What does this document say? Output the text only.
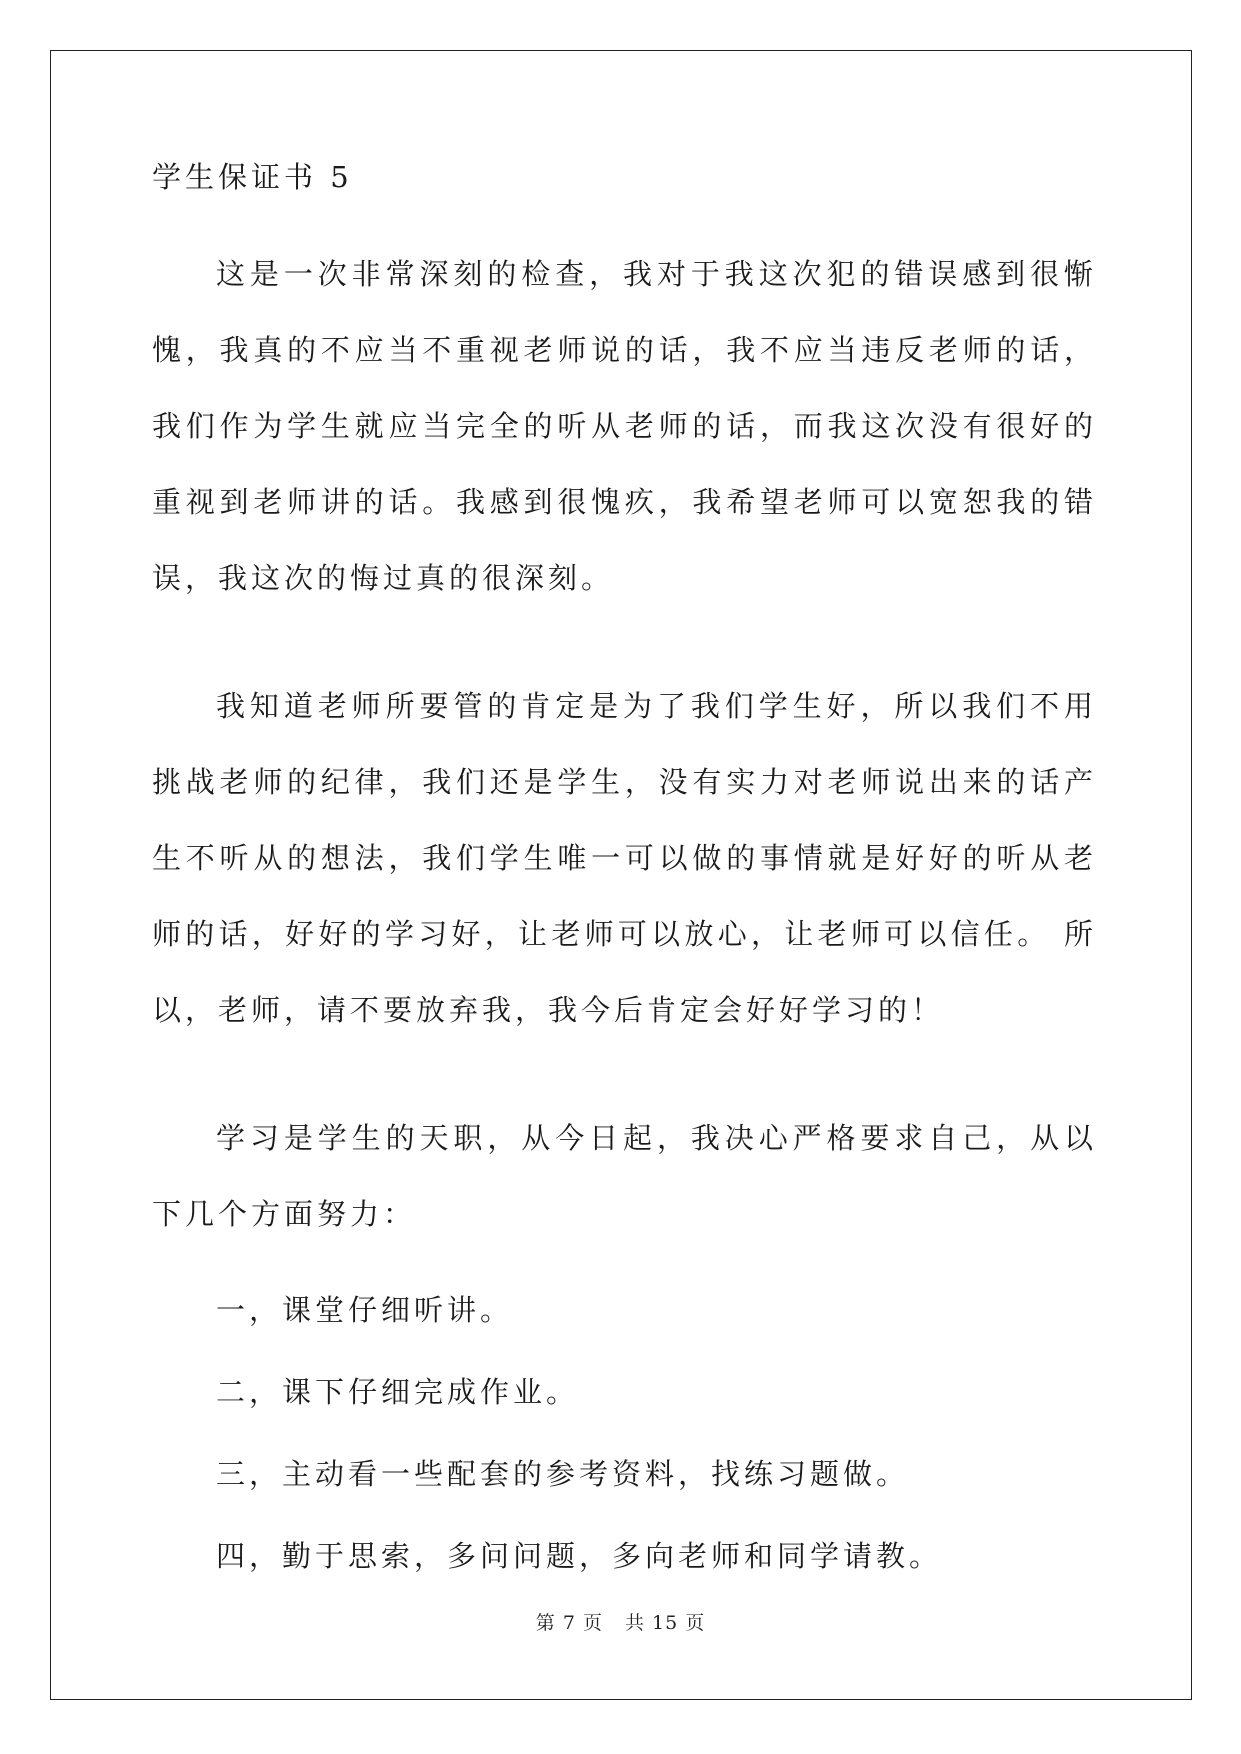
学生保证书 5

这是一次非常深刻的检查，我对于我这次犯的错误感到很惭愧，我真的不应当不重视老师说的话，我不应当违反老师的话，我们作为学生就应当完全的听从老师的话，而我这次没有很好的重视到老师讲的话。我感到很愧疚，我希望老师可以宽恕我的错误，我这次的悔过真的很深刻。

我知道老师所要管的肯定是为了我们学生好，所以我们不用挑战老师的纪律，我们还是学生，没有实力对老师说出来的话产生不听从的想法，我们学生唯一可以做的事情就是好好的听从老师的话，好好的学习好，让老师可以放心，让老师可以信任。 所以，老师，请不要放弃我，我今后肯定会好好学习的！

学习是学生的天职，从今日起，我决心严格要求自己，从以下几个方面努力：

一，课堂仔细听讲。

二，课下仔细完成作业。

三，主动看一些配套的参考资料，找练习题做。

四，勤于思索，多问问题，多向老师和同学请教。

第 7 页 共 15 页
